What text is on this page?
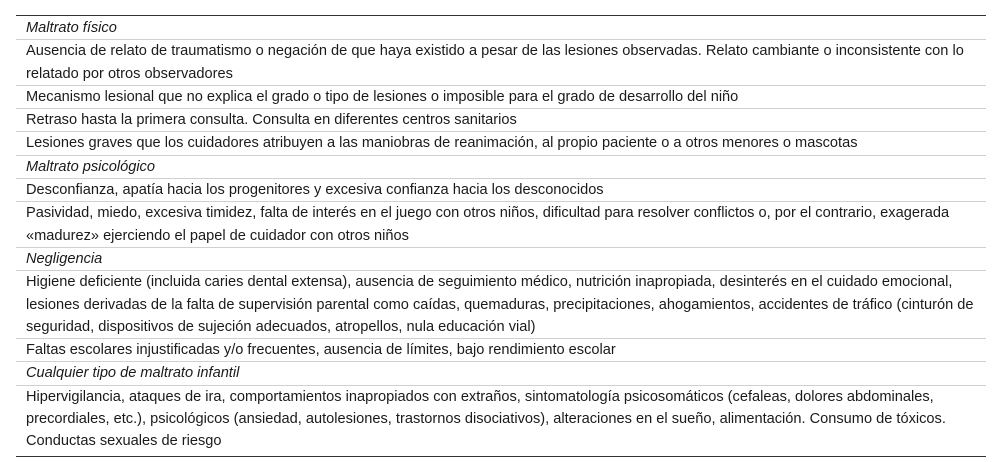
Maltrato físico
Ausencia de relato de traumatismo o negación de que haya existido a pesar de las lesiones observadas. Relato cambiante o inconsistente con lo relatado por otros observadores
Mecanismo lesional que no explica el grado o tipo de lesiones o imposible para el grado de desarrollo del niño
Retraso hasta la primera consulta. Consulta en diferentes centros sanitarios
Lesiones graves que los cuidadores atribuyen a las maniobras de reanimación, al propio paciente o a otros menores o mascotas
Maltrato psicológico
Desconfianza, apatía hacia los progenitores y excesiva confianza hacia los desconocidos
Pasividad, miedo, excesiva timidez, falta de interés en el juego con otros niños, dificultad para resolver conflictos o, por el contrario, exagerada «madurez» ejerciendo el papel de cuidador con otros niños
Negligencia
Higiene deficiente (incluida caries dental extensa), ausencia de seguimiento médico, nutrición inapropiada, desinterés en el cuidado emocional, lesiones derivadas de la falta de supervisión parental como caídas, quemaduras, precipitaciones, ahogamientos, accidentes de tráfico (cinturón de seguridad, dispositivos de sujeción adecuados, atropellos, nula educación vial)
Faltas escolares injustificadas y/o frecuentes, ausencia de límites, bajo rendimiento escolar
Cualquier tipo de maltrato infantil
Hipervigilancia, ataques de ira, comportamientos inapropiados con extraños, sintomatología psicosomáticos (cefaleas, dolores abdominales, precordiales, etc.), psicológicos (ansiedad, autolesiones, trastornos disociativos), alteraciones en el sueño, alimentación. Consumo de tóxicos. Conductas sexuales de riesgo
